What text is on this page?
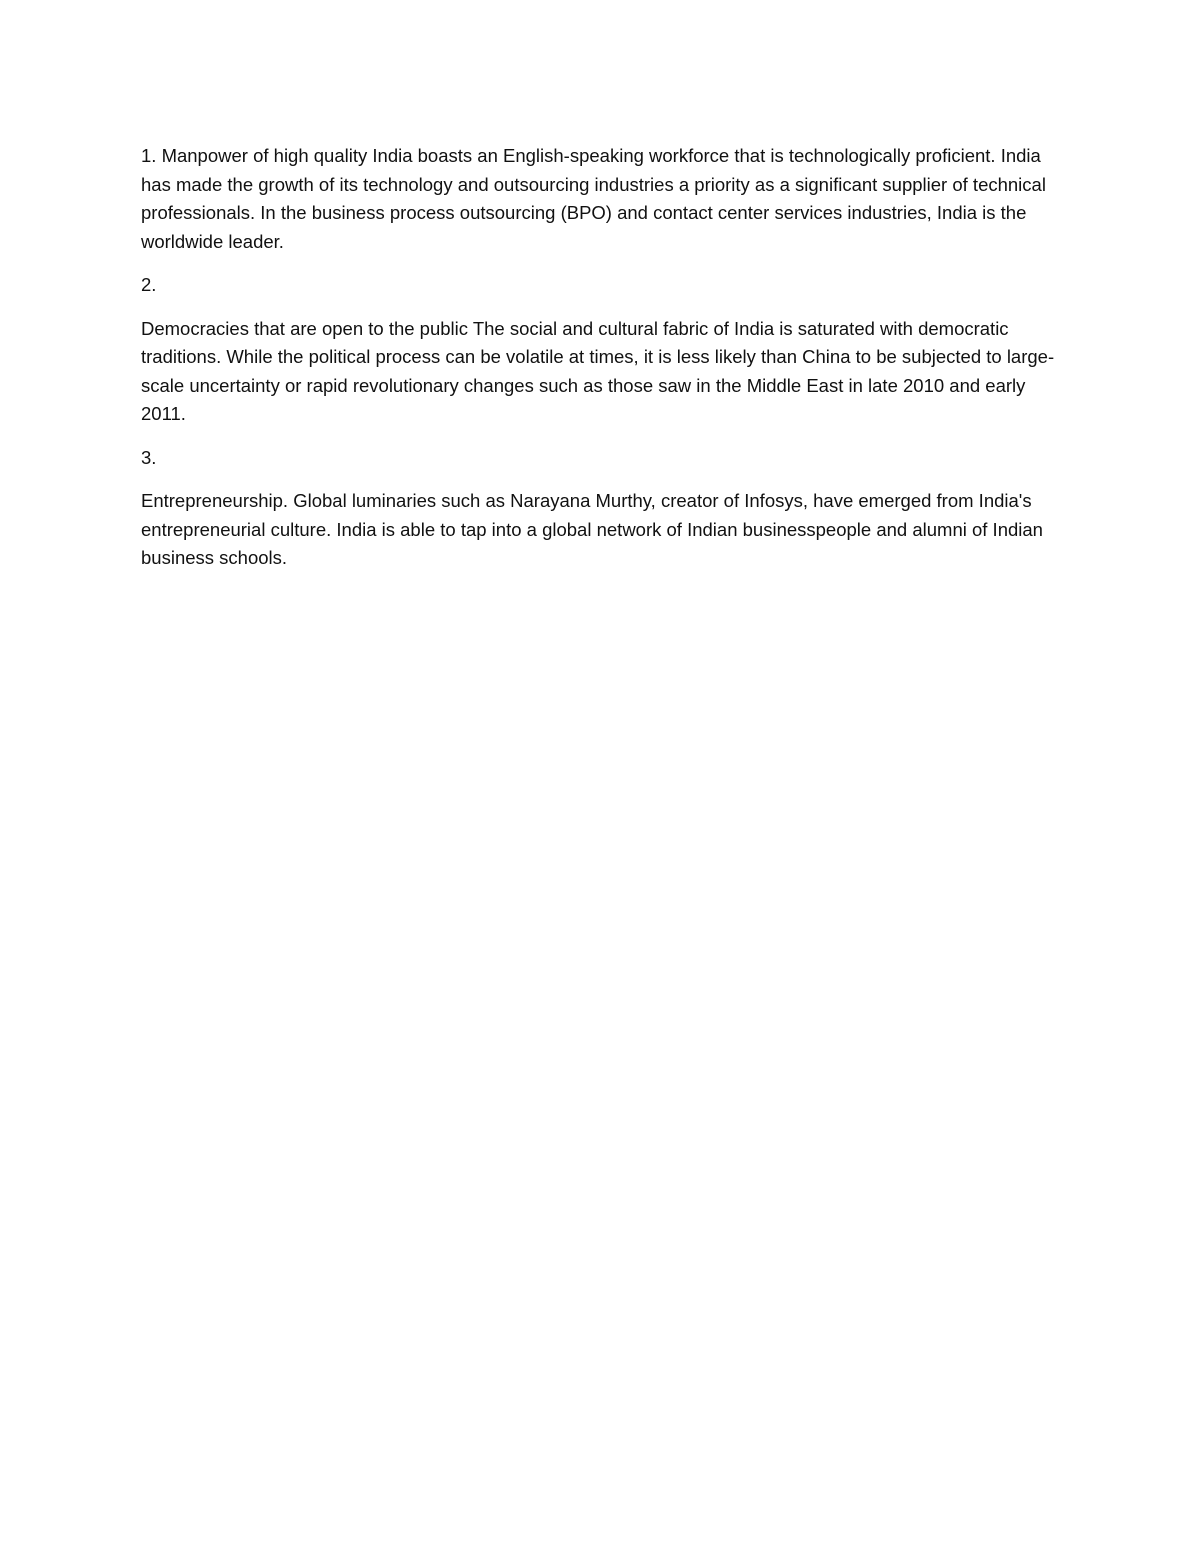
1. Manpower of high quality India boasts an English-speaking workforce that is technologically proficient. India has made the growth of its technology and outsourcing industries a priority as a significant supplier of technical professionals. In the business process outsourcing (BPO) and contact center services industries, India is the worldwide leader.

2.

Democracies that are open to the public The social and cultural fabric of India is saturated with democratic traditions. While the political process can be volatile at times, it is less likely than China to be subjected to large-scale uncertainty or rapid revolutionary changes such as those saw in the Middle East in late 2010 and early 2011.

3.

Entrepreneurship. Global luminaries such as Narayana Murthy, creator of Infosys, have emerged from India's entrepreneurial culture. India is able to tap into a global network of Indian businesspeople and alumni of Indian business schools.
